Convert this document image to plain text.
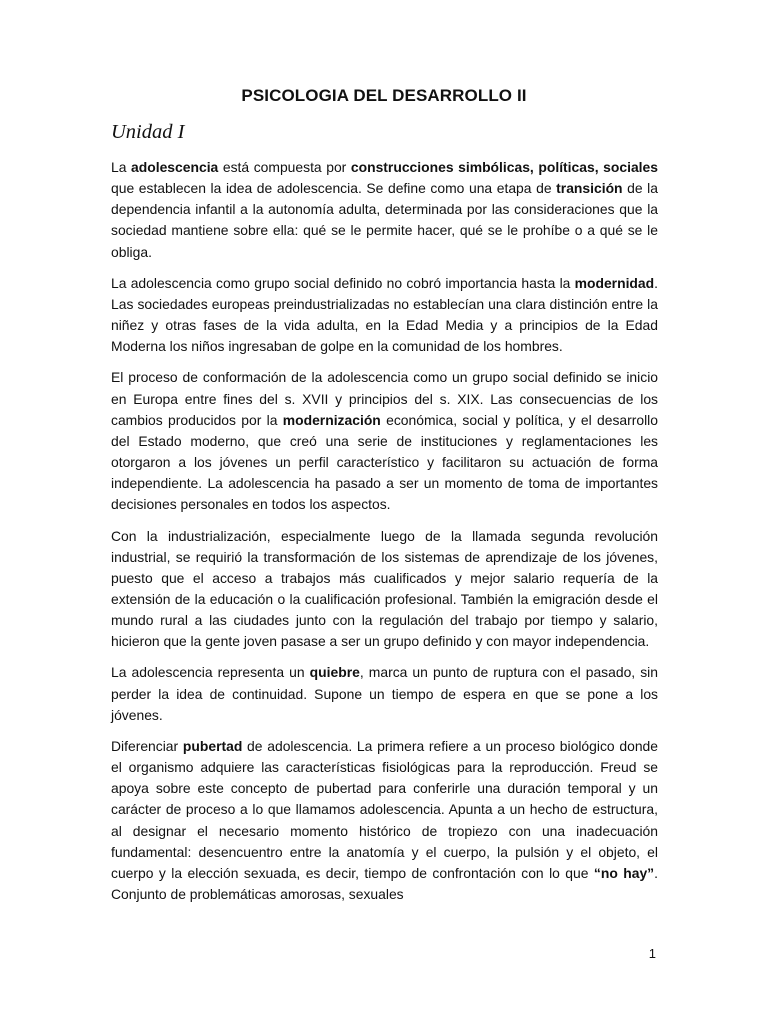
PSICOLOGIA DEL DESARROLLO II
Unidad I

La adolescencia está compuesta por construcciones simbólicas, políticas, sociales que establecen la idea de adolescencia. Se define como una etapa de transición de la dependencia infantil a la autonomía adulta, determinada por las consideraciones que la sociedad mantiene sobre ella: qué se le permite hacer, qué se le prohíbe o a qué se le obliga.

La adolescencia como grupo social definido no cobró importancia hasta la modernidad. Las sociedades europeas preindustrializadas no establecían una clara distinción entre la niñez y otras fases de la vida adulta, en la Edad Media y a principios de la Edad Moderna los niños ingresaban de golpe en la comunidad de los hombres.

El proceso de conformación de la adolescencia como un grupo social definido se inicio en Europa entre fines del s. XVII y principios del s. XIX. Las consecuencias de los cambios producidos por la modernización económica, social y política, y el desarrollo del Estado moderno, que creó una serie de instituciones y reglamentaciones les otorgaron a los jóvenes un perfil característico y facilitaron su actuación de forma independiente. La adolescencia ha pasado a ser un momento de toma de importantes decisiones personales en todos los aspectos.

Con la industrialización, especialmente luego de la llamada segunda revolución industrial, se requirió la transformación de los sistemas de aprendizaje de los jóvenes, puesto que el acceso a trabajos más cualificados y mejor salario requería de la extensión de la educación o la cualificación profesional. También la emigración desde el mundo rural a las ciudades junto con la regulación del trabajo por tiempo y salario, hicieron que la gente joven pasase a ser un grupo definido y con mayor independencia.

La adolescencia representa un quiebre, marca un punto de ruptura con el pasado, sin perder la idea de continuidad. Supone un tiempo de espera en que se pone a los jóvenes.

Diferenciar pubertad de adolescencia. La primera refiere a un proceso biológico donde el organismo adquiere las características fisiológicas para la reproducción. Freud se apoya sobre este concepto de pubertad para conferirle una duración temporal y un carácter de proceso a lo que llamamos adolescencia. Apunta a un hecho de estructura, al designar el necesario momento histórico de tropiezo con una inadecuación fundamental: desencuentro entre la anatomía y el cuerpo, la pulsión y el objeto, el cuerpo y la elección sexuada, es decir, tiempo de confrontación con lo que “no hay”. Conjunto de problemáticas amorosas, sexuales

1
